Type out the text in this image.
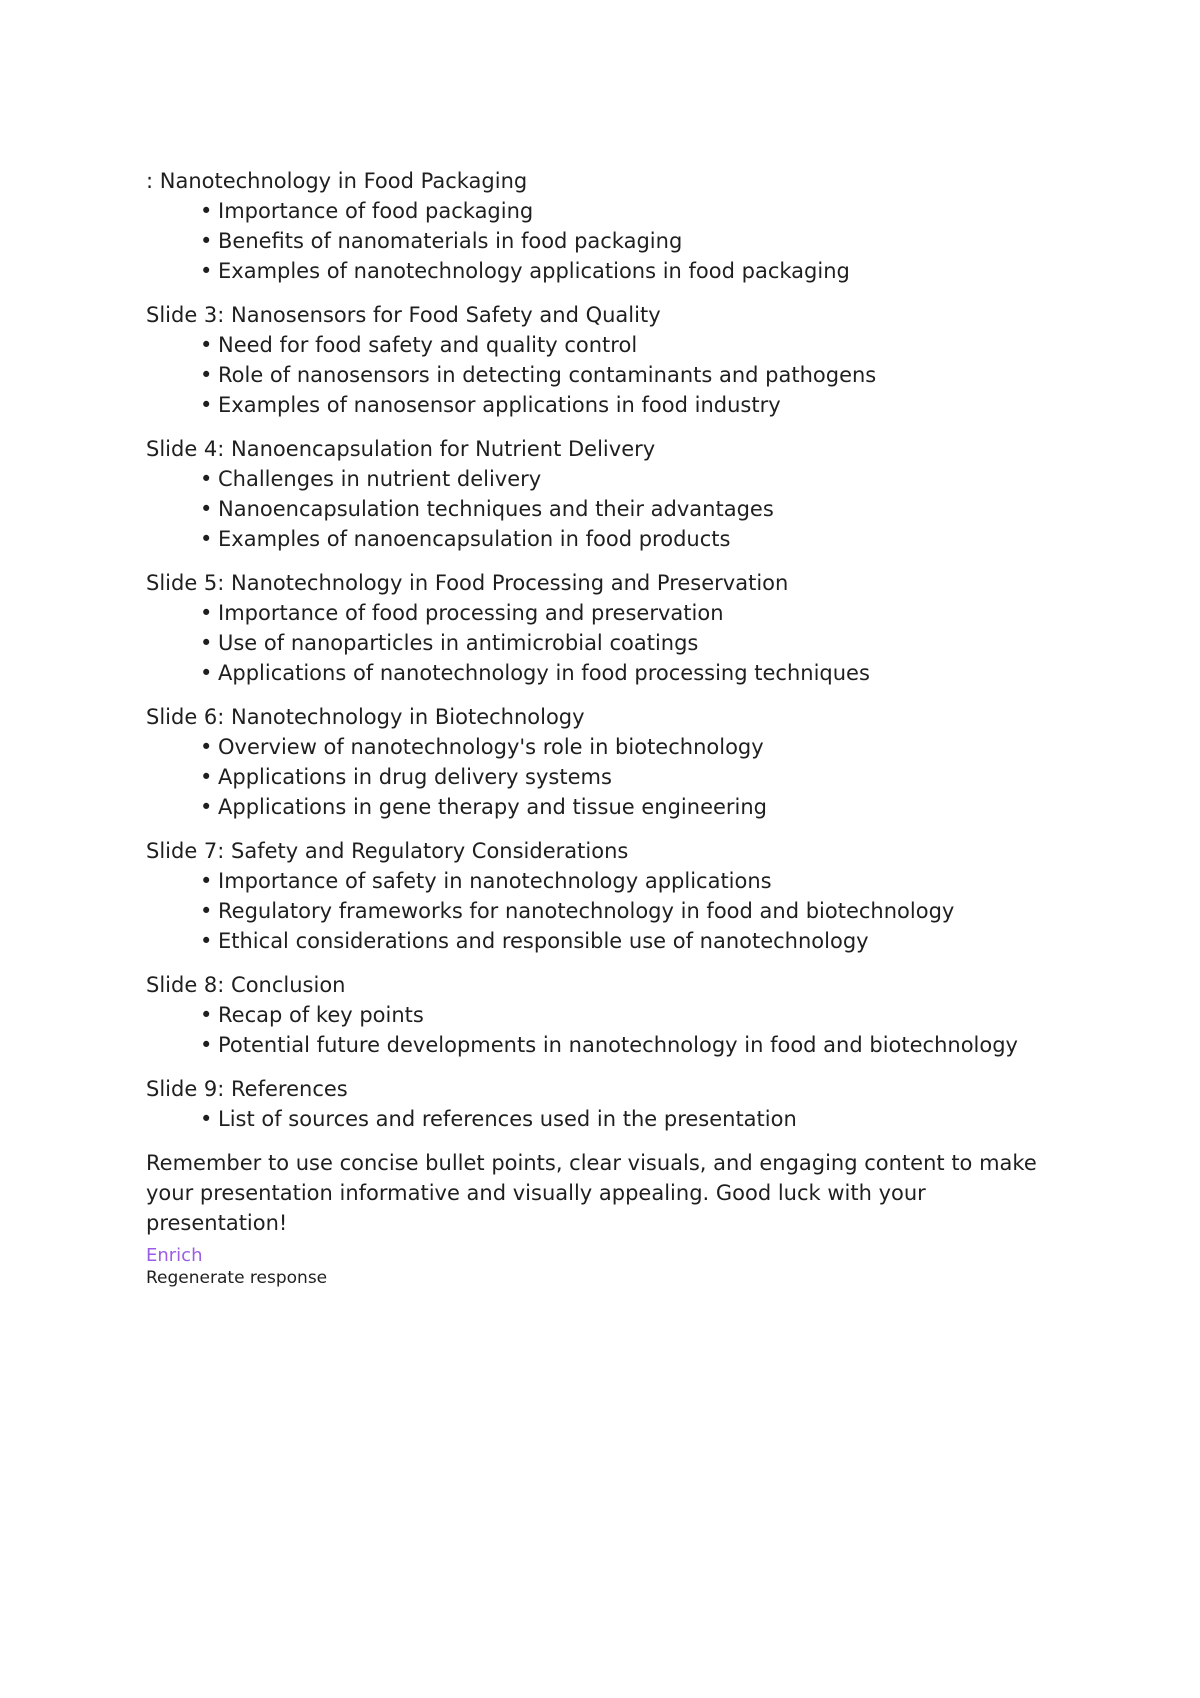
: Nanotechnology in Food Packaging

• Importance of food packaging
• Benefits of nanomaterials in food packaging
• Examples of nanotechnology applications in food packaging

Slide 3: Nanosensors for Food Safety and Quality

• Need for food safety and quality control
• Role of nanosensors in detecting contaminants and pathogens
• Examples of nanosensor applications in food industry

Slide 4: Nanoencapsulation for Nutrient Delivery

• Challenges in nutrient delivery
• Nanoencapsulation techniques and their advantages
• Examples of nanoencapsulation in food products

Slide 5: Nanotechnology in Food Processing and Preservation

• Importance of food processing and preservation
• Use of nanoparticles in antimicrobial coatings
• Applications of nanotechnology in food processing techniques

Slide 6: Nanotechnology in Biotechnology

• Overview of nanotechnology's role in biotechnology
• Applications in drug delivery systems
• Applications in gene therapy and tissue engineering

Slide 7: Safety and Regulatory Considerations

• Importance of safety in nanotechnology applications
• Regulatory frameworks for nanotechnology in food and biotechnology
• Ethical considerations and responsible use of nanotechnology

Slide 8: Conclusion

• Recap of key points
• Potential future developments in nanotechnology in food and biotechnology

Slide 9: References

• List of sources and references used in the presentation

Remember to use concise bullet points, clear visuals, and engaging content to make your presentation informative and visually appealing. Good luck with your presentation!

Enrich
Regenerate response
